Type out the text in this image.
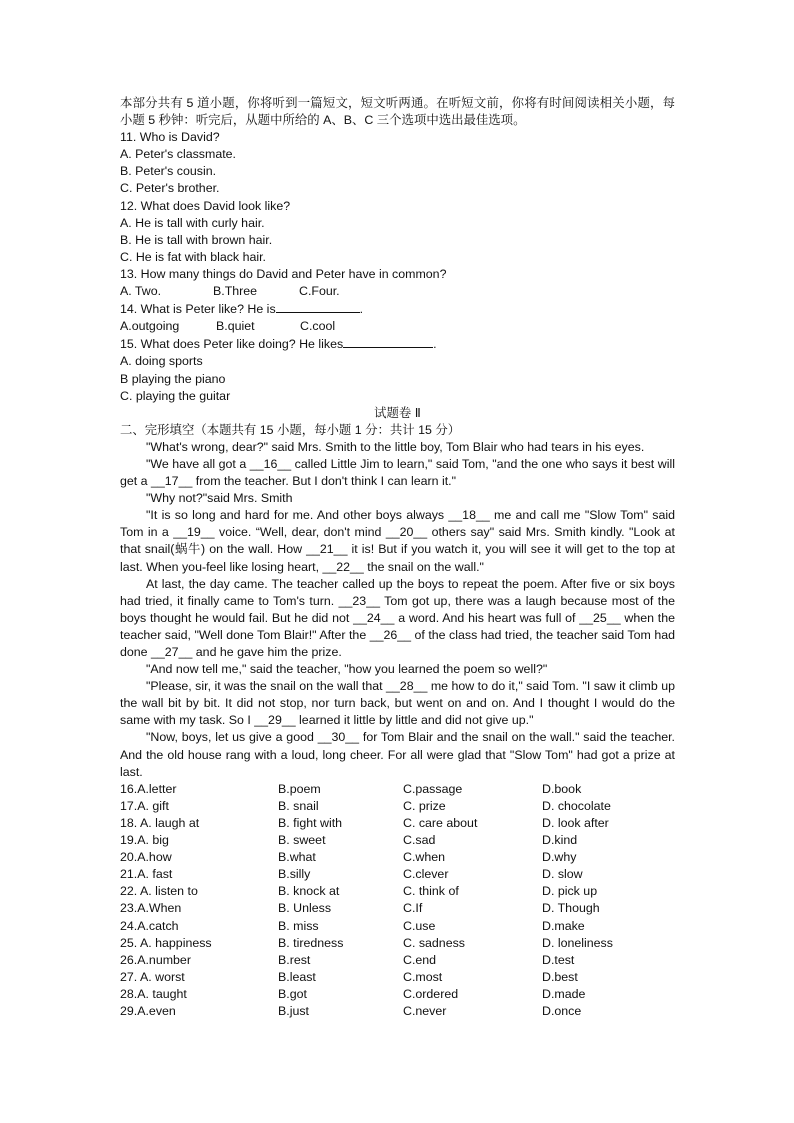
本部分共有 5 道小题，你将听到一篇短文，短文听两通。在听短文前，你将有时间阅读相关小题，每小题 5 秒钟：听完后，从题中所给的 A、B、C 三个选项中选出最佳选项。
11. Who is David?
A. Peter's classmate.
B. Peter's cousin.
C. Peter's brother.
12. What does David look like?
A. He is tall with curly hair.
B. He is tall with brown hair.
C. He is fat with black hair.
13. How many things do David and Peter have in common?
A. Two.	B.Three	C.Four.
14. What is Peter like? He is	.
A.outgoing	B.quiet	C.cool
15. What does Peter like doing? He likes	.
A. doing sports
B playing the piano
C. playing the guitar
试题卷 Ⅱ
二、完形填空（本题共有 15 小题，每小题 1 分：共计 15 分）
"What's wrong, dear?" said Mrs. Smith to the little boy, Tom Blair who had tears in his eyes.
"We have all got a __16__ called Little Jim to learn," said Tom, "and the one who says it best will get a __17__ from the teacher. But I don't think I can learn it."
"Why not?"said Mrs. Smith
"It is so long and hard for me. And other boys always __18__ me and call me "Slow Tom" said Tom in a __19__ voice. “Well, dear, don't mind __20__ others say" said Mrs. Smith kindly. "Look at that snail(蜗牛) on the wall. How __21__ it is! But if you watch it, you will see it will get to the top at last. When you-feel like losing heart, __22__ the snail on the wall."
At last, the day came. The teacher called up the boys to repeat the poem. After five or six boys had tried, it finally came to Tom's turn. __23__ Tom got up, there was a laugh because most of the boys thought he would fail. But he did not __24__ a word. And his heart was full of __25__ when the teacher said, "Well done Tom Blair!" After the __26__ of the class had tried, the teacher said Tom had done __27__ and he gave him the prize.
"And now tell me," said the teacher, "how you learned the poem so well?"
"Please, sir, it was the snail on the wall that __28__ me how to do it," said Tom. "I saw it climb up the wall bit by bit. It did not stop, nor turn back, but went on and on. And I thought I would do the same with my task. So I __29__ learned it little by little and did not give up."
"Now, boys, let us give a good __30__ for Tom Blair and the snail on the wall." said the teacher. And the old house rang with a loud, long cheer. For all were glad that "Slow Tom" had got a prize at last.
16.A.letter	B.poem	C.passage	D.book
17.A. gift	B. snail	C. prize	D. chocolate
18. A. laugh at	B. fight with	C. care about	D. look after
19.A. big	B. sweet	C.sad	D.kind
20.A.how	B.what	C.when	D.why
21.A. fast	B.silly	C.clever	D. slow
22. A. listen to	B. knock at	C. think of	D. pick up
23.A.When	B. Unless	C.If	D. Though
24.A.catch	B. miss	C.use	D.make
25. A. happiness	B. tiredness	C. sadness	D. loneliness
26.A.number	B.rest	C.end	D.test
27. A. worst	B.least	C.most	D.best
28.A. taught	B.got	C.ordered	D.made
29.A.even	B.just	C.never	D.once
